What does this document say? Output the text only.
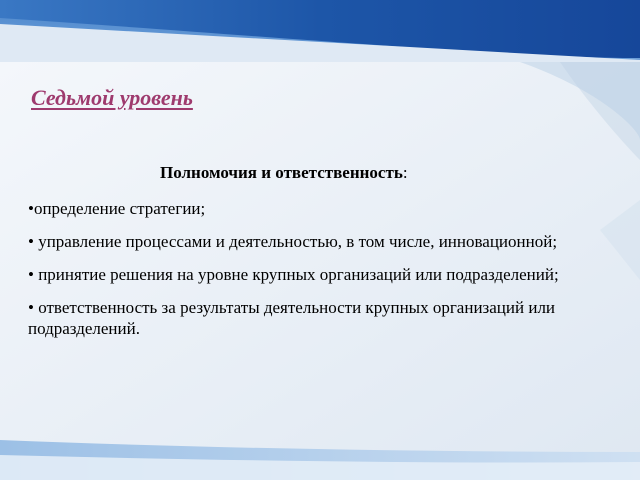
Седьмой уровень
Полномочия и ответственность:
•определение стратегии;
• управление процессами и деятельностью, в том числе, инновационной;
• принятие решения на уровне крупных организаций или подразделений;
• ответственность за результаты деятельности крупных организаций или подразделений.
